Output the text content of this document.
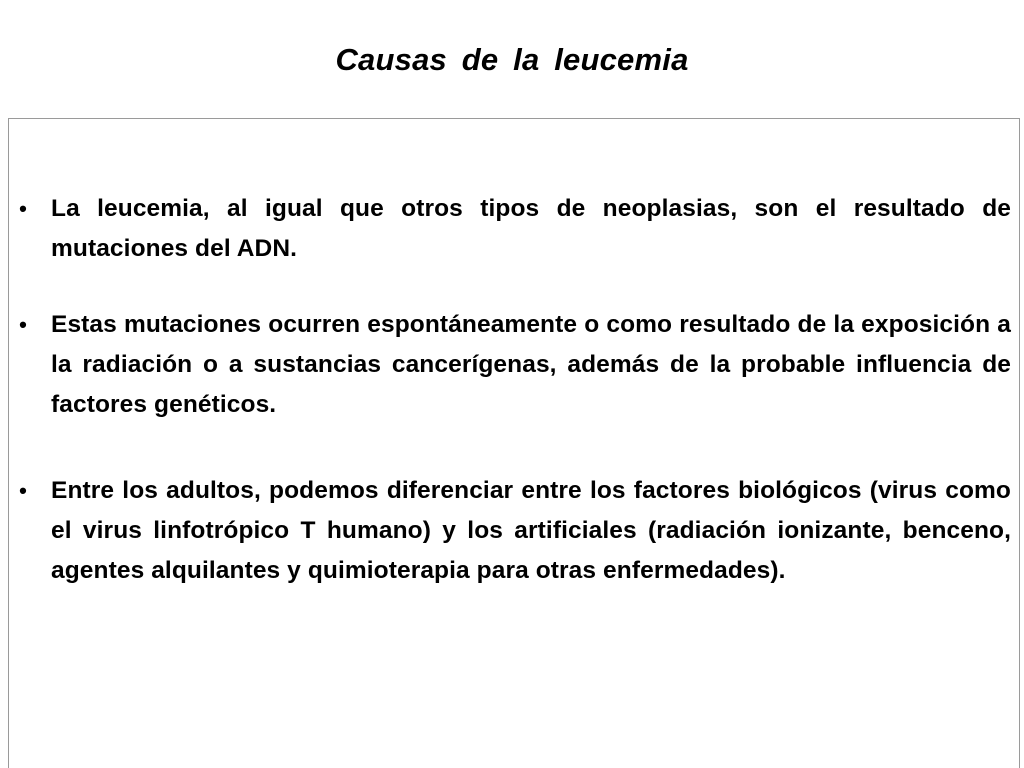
Causas de la leucemia
• La leucemia, al igual que otros tipos de neoplasias, son el resultado de mutaciones del ADN.
• Estas mutaciones ocurren espontáneamente o como resultado de la exposición a la radiación o a sustancias cancerígenas, además de la probable influencia de factores genéticos.
• Entre los adultos, podemos diferenciar entre los factores biológicos (virus como el virus linfotrópico T humano) y los artificiales (radiación ionizante, benceno, agentes alquilantes y quimioterapia para otras enfermedades).
